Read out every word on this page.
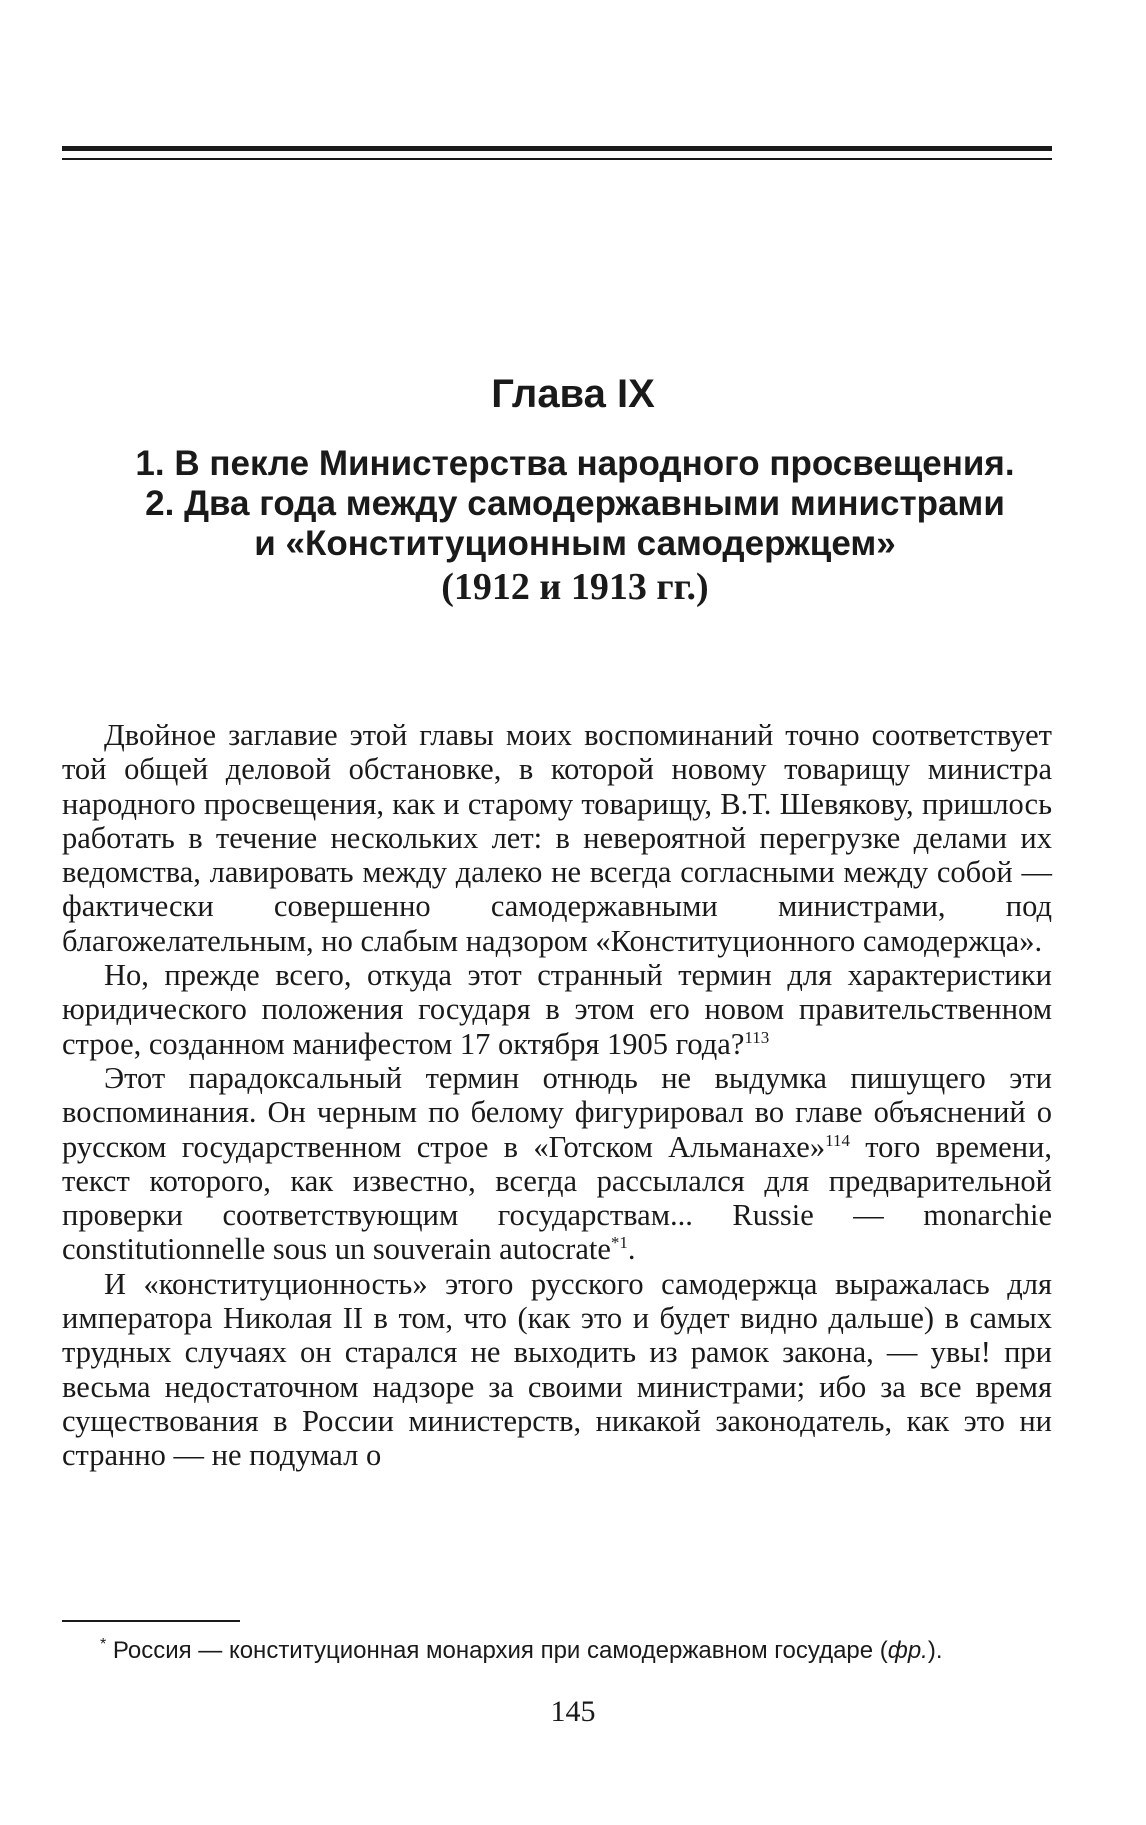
Глава IX
1. В пекле Министерства народного просвещения.
2. Два года между самодержавными министрами
и «Конституционным самодержцем»
(1912 и 1913 гг.)

Двойное заглавие этой главы моих воспоминаний точно соответствует той общей деловой обстановке, в которой новому товарищу министра народного просвещения, как и старому товарищу, В.Т. Шевякову, пришлось работать в течение нескольких лет: в невероятной перегрузке делами их ведомства, лавировать между далеко не всегда согласными между собой — фактически совершенно самодержавными министрами, под благожелательным, но слабым надзором «Конституционного самодержца».

Но, прежде всего, откуда этот странный термин для характеристики юридического положения государя в этом его новом правительственном строе, созданном манифестом 17 октября 1905 года?$^{113}$

Этот парадоксальный термин отнюдь не выдумка пишущего эти воспоминания. Он черным по белому фигурировал во главе объяснений о русском государственном строе в «Готском Альманахе»$^{114}$ того времени, текст которого, как известно, всегда рассылался для предварительной проверки соответствующим государствам... Russie — monarchie constitutionnelle sous un souverain autocrate$^{*1}$.

И «конституционность» этого русского самодержца выражалась для императора Николая II в том, что (как это и будет видно дальше) в самых трудных случаях он старался не выходить из рамок закона, — увы! при весьма недостаточном надзоре за своими министрами; ибо за все время существования в России министерств, никакой законодатель, как это ни странно — не подумал о

* Россия — конституционная монархия при самодержавном государе (фр.).
145
